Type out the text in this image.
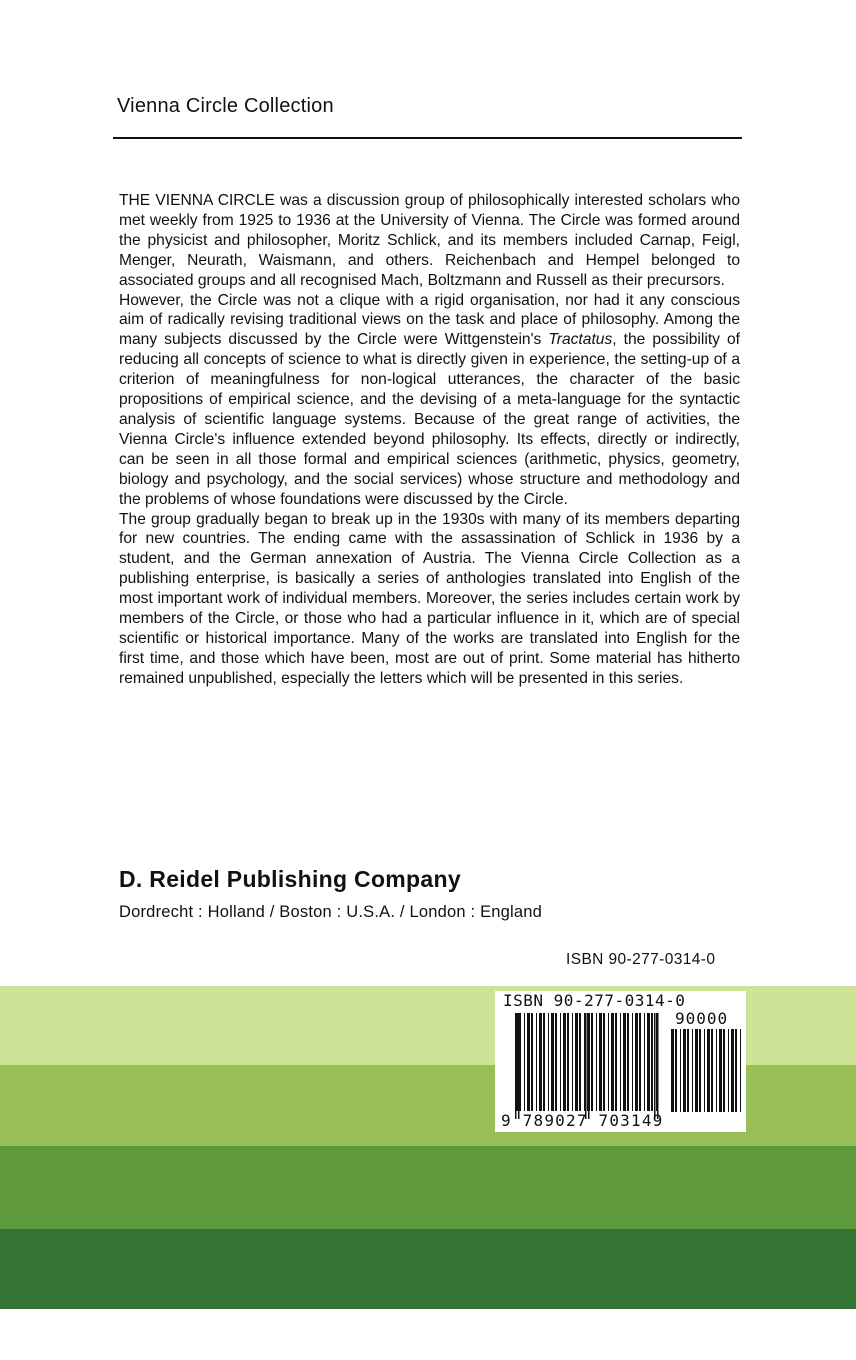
Vienna Circle Collection

THE VIENNA CIRCLE was a discussion group of philosophically interested scholars who met weekly from 1925 to 1936 at the University of Vienna. The Circle was formed around the physicist and philosopher, Moritz Schlick, and its members included Carnap, Feigl, Menger, Neurath, Waismann, and others. Reichenbach and Hempel belonged to associated groups and all recognised Mach, Boltzmann and Russell as their precursors.

However, the Circle was not a clique with a rigid organisation, nor had it any conscious aim of radically revising traditional views on the task and place of philosophy. Among the many subjects discussed by the Circle were Wittgenstein's Tractatus, the possibility of reducing all concepts of science to what is directly given in experience, the setting-up of a criterion of meaningfulness for non-logical utterances, the character of the basic propositions of empirical science, and the devising of a meta-language for the syntactic analysis of scientific language systems. Because of the great range of activities, the Vienna Circle's influence extended beyond philosophy. Its effects, directly or indirectly, can be seen in all those formal and empirical sciences (arithmetic, physics, geometry, biology and psychology, and the social services) whose structure and methodology and the problems of whose foundations were discussed by the Circle.

The group gradually began to break up in the 1930s with many of its members departing for new countries. The ending came with the assassination of Schlick in 1936 by a student, and the German annexation of Austria. The Vienna Circle Collection as a publishing enterprise, is basically a series of anthologies translated into English of the most important work of individual members. Moreover, the series includes certain work by members of the Circle, or those who had a particular influence in it, which are of special scientific or historical importance. Many of the works are translated into English for the first time, and those which have been, most are out of print. Some material has hitherto remained unpublished, especially the letters which will be presented in this series.

D. Reidel Publishing Company
Dordrecht : Holland / Boston : U.S.A. / London : England
ISBN 90-277-0314-0
ISBN 90-277-0314-0
90000
9 789027 703149
